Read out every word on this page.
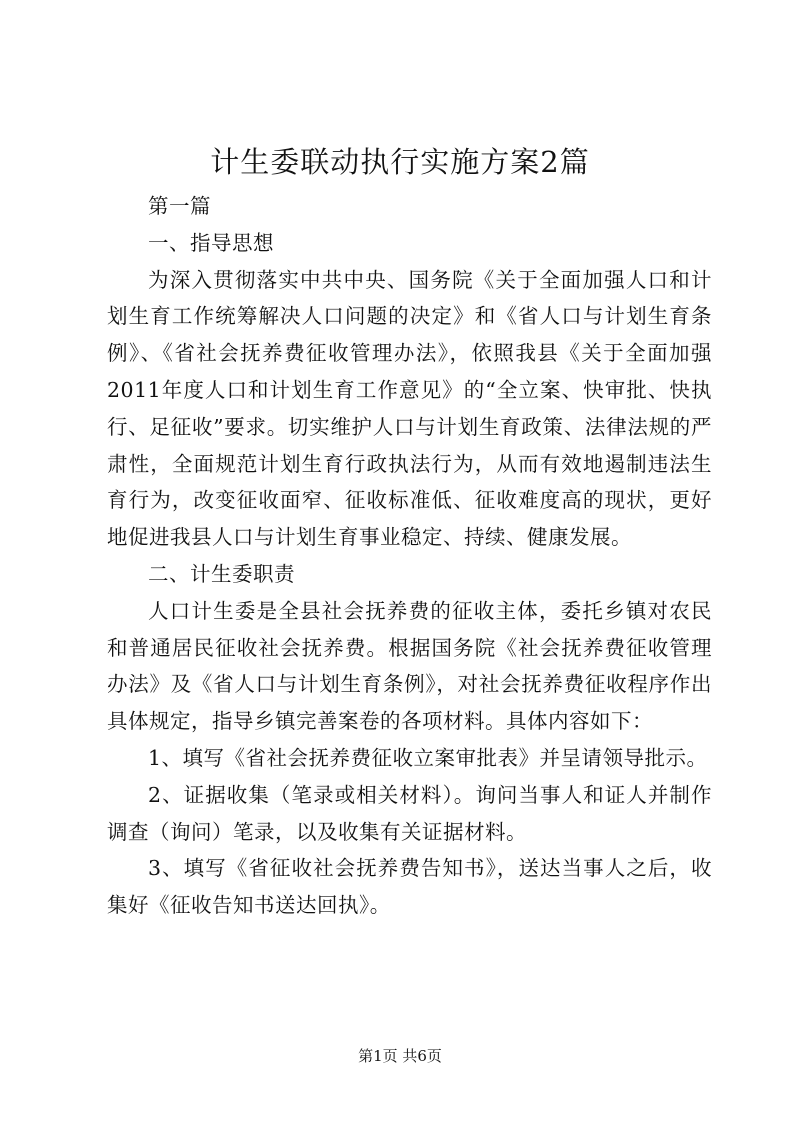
计生委联动执行实施方案2篇

第一篇

一、指导思想

为深入贯彻落实中共中央、国务院《关于全面加强人口和计划生育工作统筹解决人口问题的决定》和《省人口与计划生育条例》、《省社会抚养费征收管理办法》，依照我县《关于全面加强2011年度人口和计划生育工作意见》的“全立案、快审批、快执行、足征收”要求。切实维护人口与计划生育政策、法律法规的严肃性，全面规范计划生育行政执法行为，从而有效地遏制违法生育行为，改变征收面窄、征收标准低、征收难度高的现状，更好地促进我县人口与计划生育事业稳定、持续、健康发展。

二、计生委职责

人口计生委是全县社会抚养费的征收主体，委托乡镇对农民和普通居民征收社会抚养费。根据国务院《社会抚养费征收管理办法》及《省人口与计划生育条例》，对社会抚养费征收程序作出具体规定，指导乡镇完善案卷的各项材料。具体内容如下：

1、填写《省社会抚养费征收立案审批表》并呈请领导批示。

2、证据收集（笔录或相关材料）。询问当事人和证人并制作调查（询问）笔录，以及收集有关证据材料。

3、填写《省征收社会抚养费告知书》，送达当事人之后，收集好《征收告知书送达回执》。

第1页 共6页
